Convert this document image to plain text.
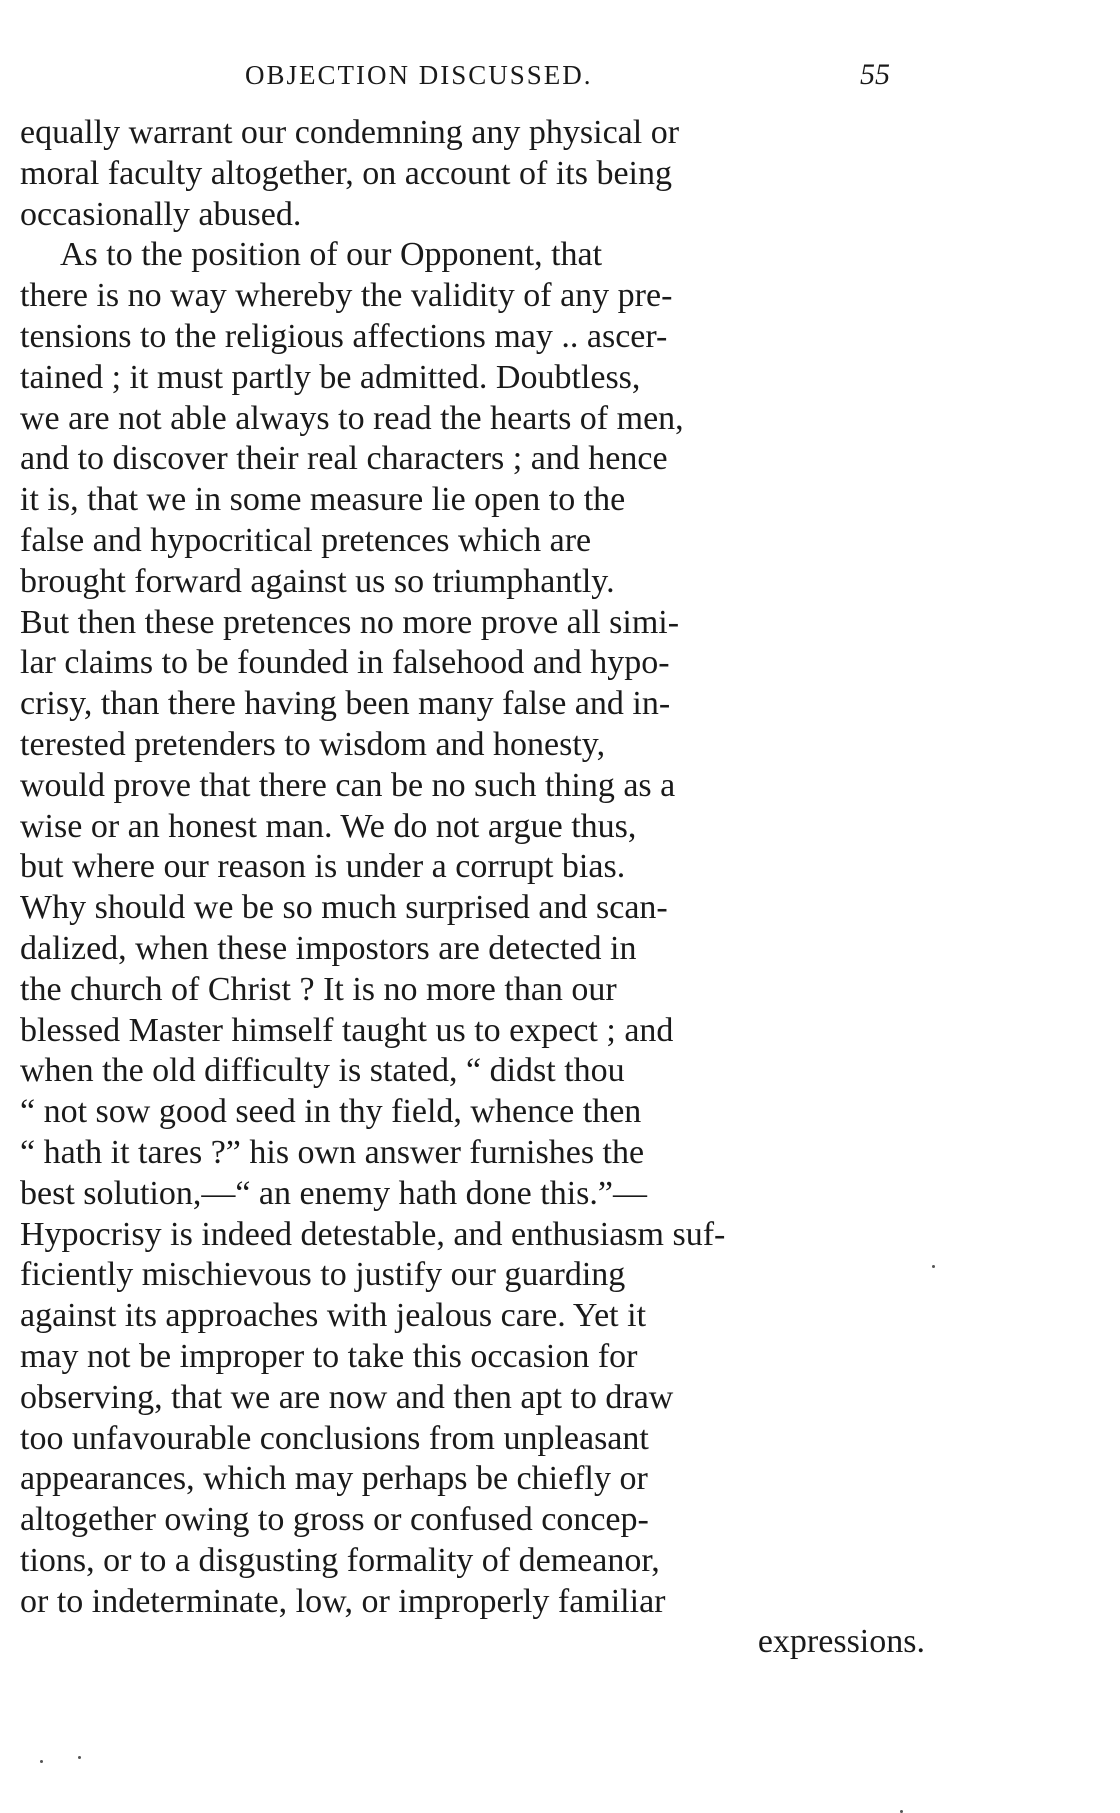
OBJECTION DISCUSSED.	55
equally warrant our condemning any physical or
moral faculty altogether, on account of its being
occasionally abused.
As to the position of our Opponent, that
there is no way whereby the validity of any pre-
tensions to the religious affections may .. ascer-
tained ; it must partly be admitted. Doubtless,
we are not able always to read the hearts of men,
and to discover their real characters ; and hence
it is, that we in some measure lie open to the
false and hypocritical pretences which are
brought forward against us so triumphantly.
But then these pretences no more prove all simi-
lar claims to be founded in falsehood and hypo-
crisy, than there having been many false and in-
terested pretenders to wisdom and honesty,
would prove that there can be no such thing as a
wise or an honest man. We do not argue thus,
but where our reason is under a corrupt bias.
Why should we be so much surprised and scan-
dalized, when these impostors are detected in
the church of Christ ? It is no more than our
blessed Master himself taught us to expect ; and
when the old difficulty is stated, “ didst thou
“ not sow good seed in thy field, whence then
“ hath it tares ?” his own answer furnishes the
best solution,—“ an enemy hath done this.”—
Hypocrisy is indeed detestable, and enthusiasm suf-
ficiently mischievous to justify our guarding
against its approaches with jealous care. Yet it
may not be improper to take this occasion for
observing, that we are now and then apt to draw
too unfavourable conclusions from unpleasant
appearances, which may perhaps be chiefly or
altogether owing to gross or confused concep-
tions, or to a disgusting formality of demeanor,
or to indeterminate, low, or improperly familiar
expressions.
